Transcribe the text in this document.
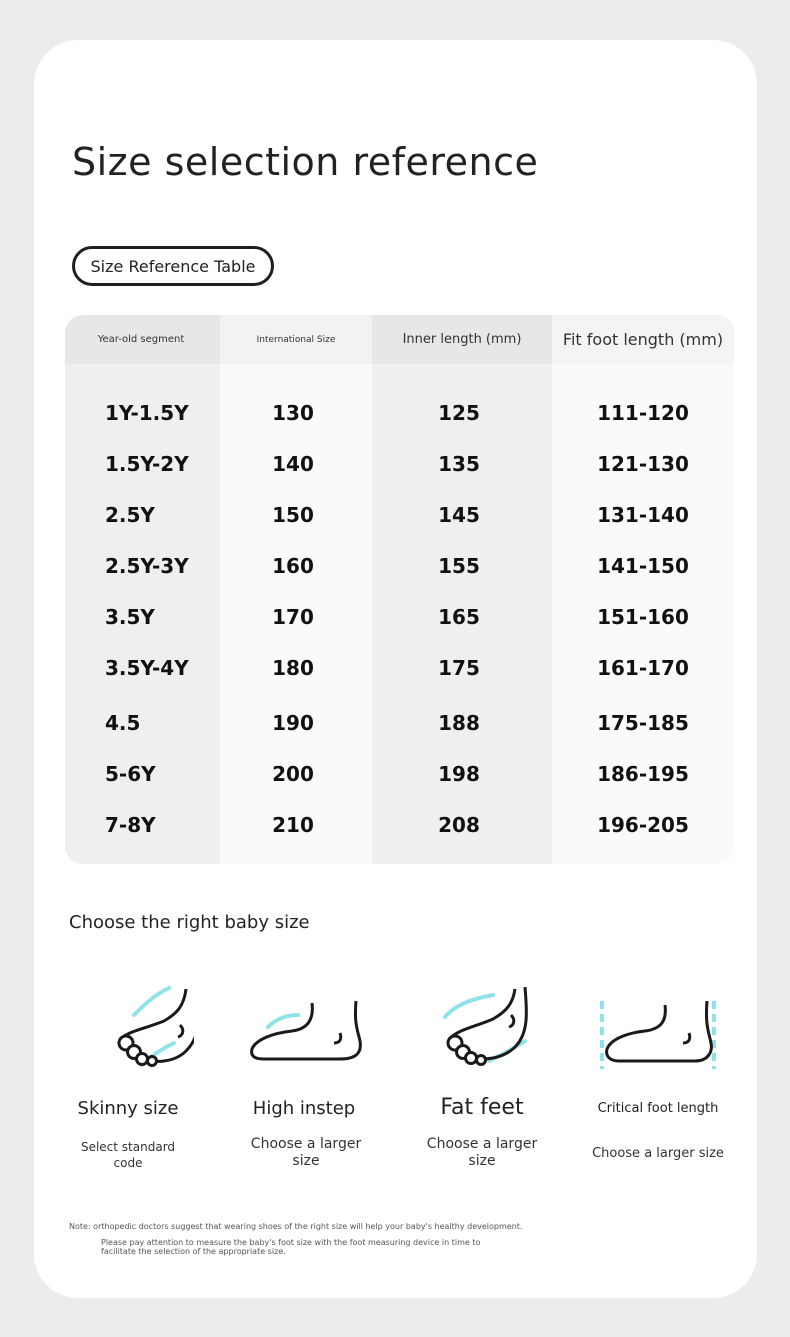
Size selection reference
Size Reference Table
Year-old segment	International Size	Inner length (mm)	Fit foot length (mm)
1Y-1.5Y	130	125	111-120
1.5Y-2Y	140	135	121-130
2.5Y	150	145	131-140
2.5Y-3Y	160	155	141-150
3.5Y	170	165	151-160
3.5Y-4Y	180	175	161-170
4.5	190	188	175-185
5-6Y	200	198	186-195
7-8Y	210	208	196-205
Choose the right baby size
Skinny size	High instep	Fat feet	Critical foot length
Select standard code
Choose a larger size
Choose a larger size	Choose a larger size
Note: orthopedic doctors suggest that wearing shoes of the right size will help your baby's healthy development.
Please pay attention to measure the baby's foot size with the foot measuring device in time to facilitate the selection of the appropriate size.
